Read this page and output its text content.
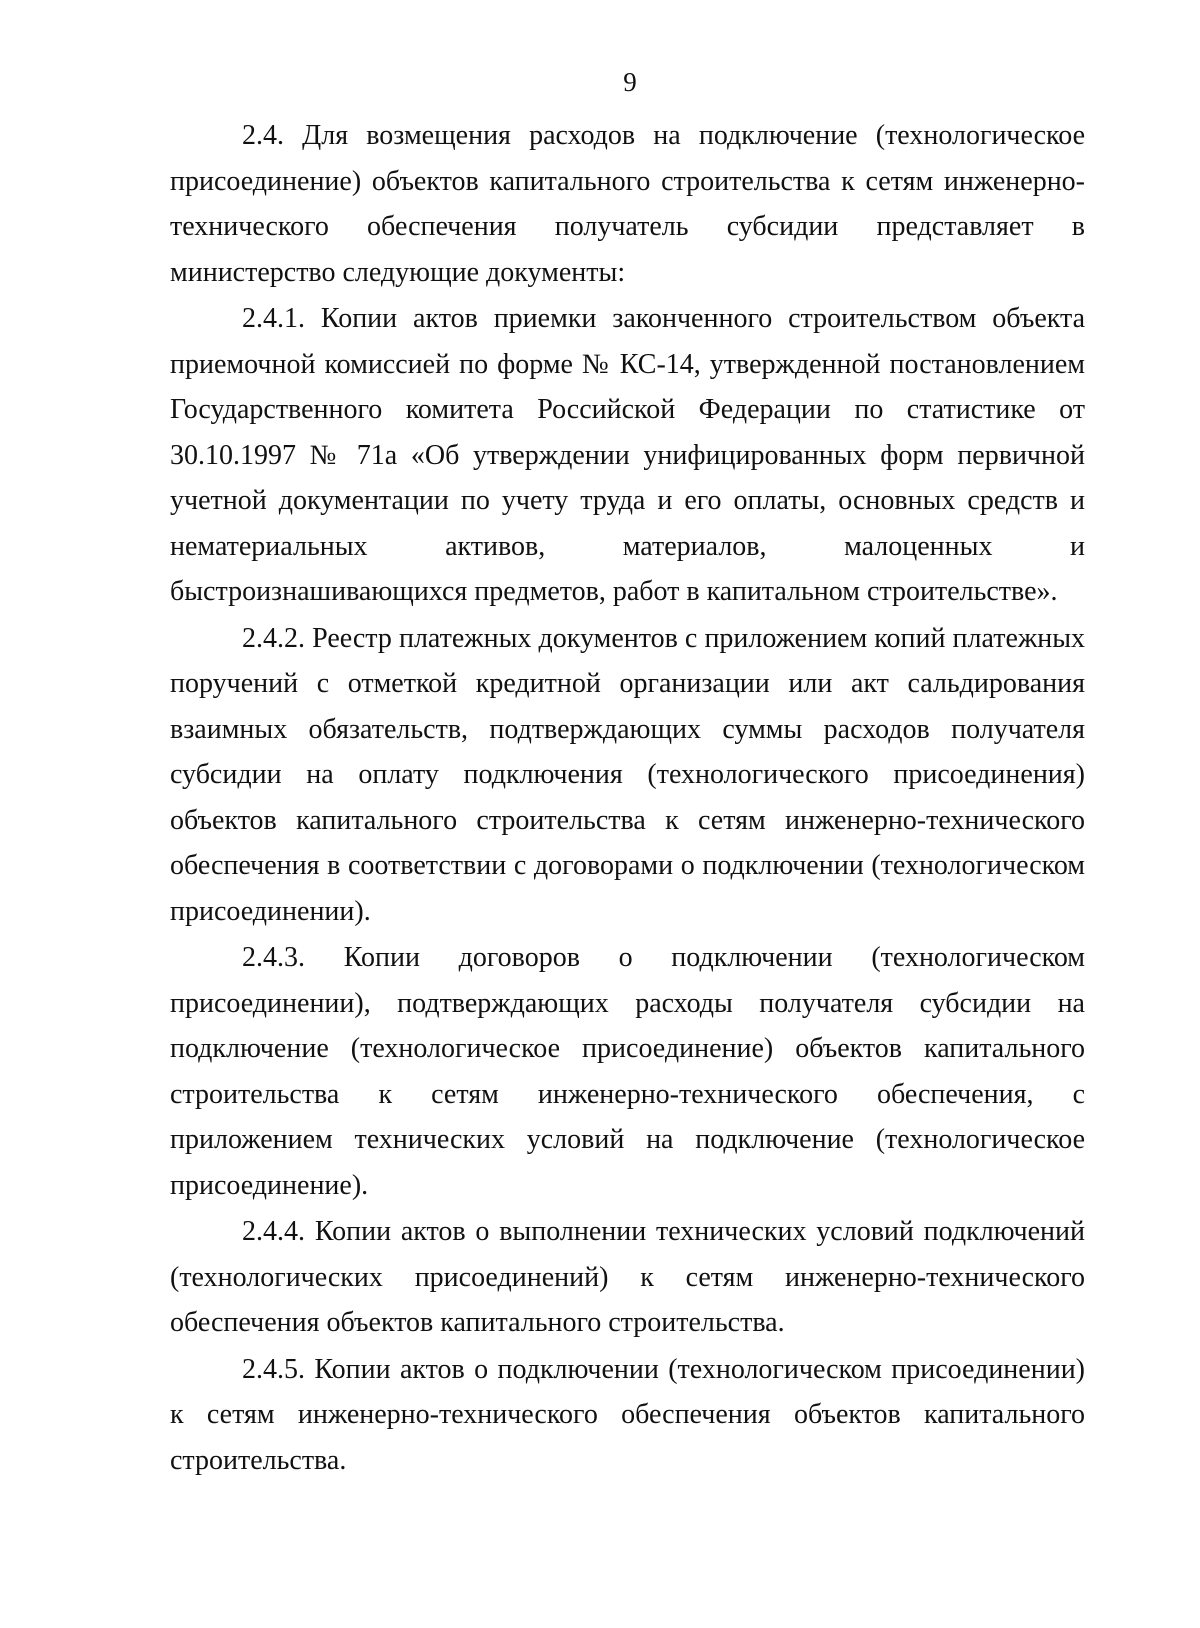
9

2.4. Для возмещения расходов на подключение (технологическое присоединение) объектов капитального строительства к сетям инженерно-технического обеспечения получатель субсидии представляет в министерство следующие документы:

2.4.1. Копии актов приемки законченного строительством объекта приемочной комиссией по форме № КС-14, утвержденной постановлением Государственного комитета Российской Федерации по статистике от 30.10.1997 № 71а «Об утверждении унифицированных форм первичной учетной документации по учету труда и его оплаты, основных средств и нематериальных активов, материалов, малоценных и быстроизнашивающихся предметов, работ в капитальном строительстве».

2.4.2. Реестр платежных документов с приложением копий платежных поручений с отметкой кредитной организации или акт сальдирования взаимных обязательств, подтверждающих суммы расходов получателя субсидии на оплату подключения (технологического присоединения) объектов капитального строительства к сетям инженерно-технического обеспечения в соответствии с договорами о подключении (технологическом присоединении).

2.4.3. Копии договоров о подключении (технологическом присоединении), подтверждающих расходы получателя субсидии на подключение (технологическое присоединение) объектов капитального строительства к сетям инженерно-технического обеспечения, с приложением технических условий на подключение (технологическое присоединение).

2.4.4. Копии актов о выполнении технических условий подключений (технологических присоединений) к сетям инженерно-технического обеспечения объектов капитального строительства.

2.4.5. Копии актов о подключении (технологическом присоединении) к сетям инженерно-технического обеспечения объектов капитального строительства.
